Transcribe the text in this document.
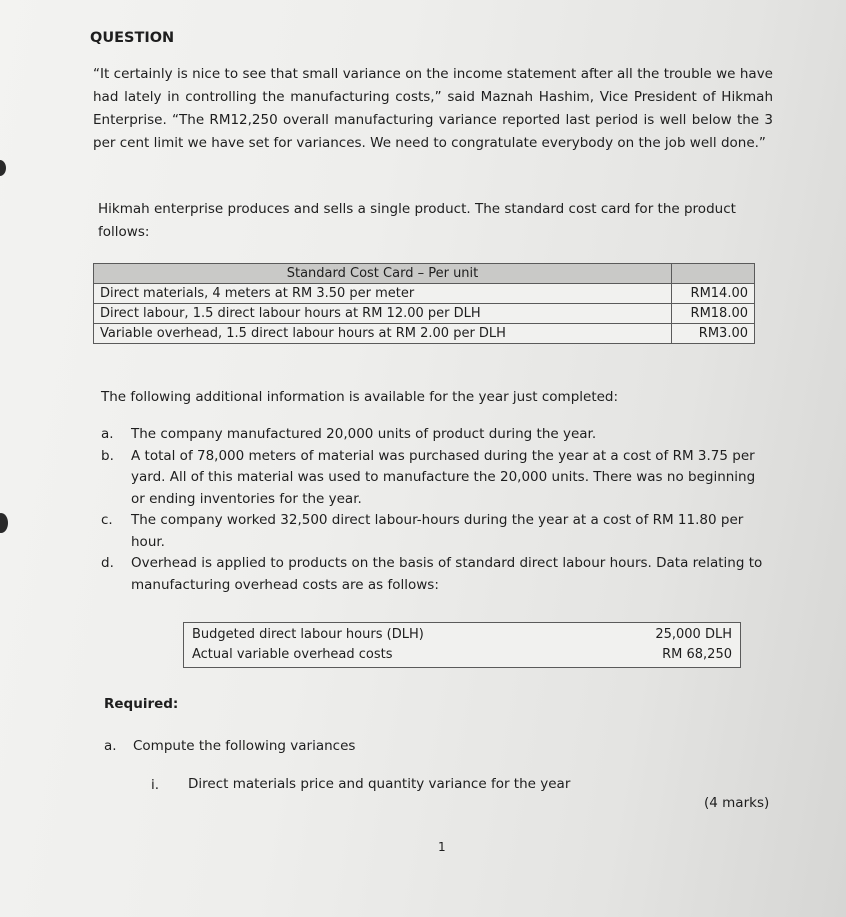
QUESTION

“It certainly is nice to see that small variance on the income statement after all the trouble we have had lately in controlling the manufacturing costs,” said Maznah Hashim, Vice President of Hikmah Enterprise. “The RM12,250 overall manufacturing variance reported last period is well below the 3 per cent limit we have set for variances. We need to congratulate everybody on the job well done.”

Hikmah enterprise produces and sells a single product. The standard cost card for the product follows:

Standard Cost Card – Per unit	
Direct materials, 4 meters at RM 3.50 per meter	RM14.00
Direct labour, 1.5 direct labour hours at RM 12.00 per DLH	RM18.00
Variable overhead, 1.5 direct labour hours at RM 2.00 per DLH	RM3.00

The following additional information is available for the year just completed:

a. The company manufactured 20,000 units of product during the year.
b. A total of 78,000 meters of material was purchased during the year at a cost of RM 3.75 per yard. All of this material was used to manufacture the 20,000 units. There was no beginning or ending inventories for the year.
c. The company worked 32,500 direct labour-hours during the year at a cost of RM 11.80 per hour.
d. Overhead is applied to products on the basis of standard direct labour hours. Data relating to manufacturing overhead costs are as follows:
Budgeted direct labour hours (DLH)	25,000 DLH
Actual variable overhead costs	RM 68,250

Required:

a. Compute the following variances

i. Direct materials price and quantity variance for the year

(4 marks)

1
